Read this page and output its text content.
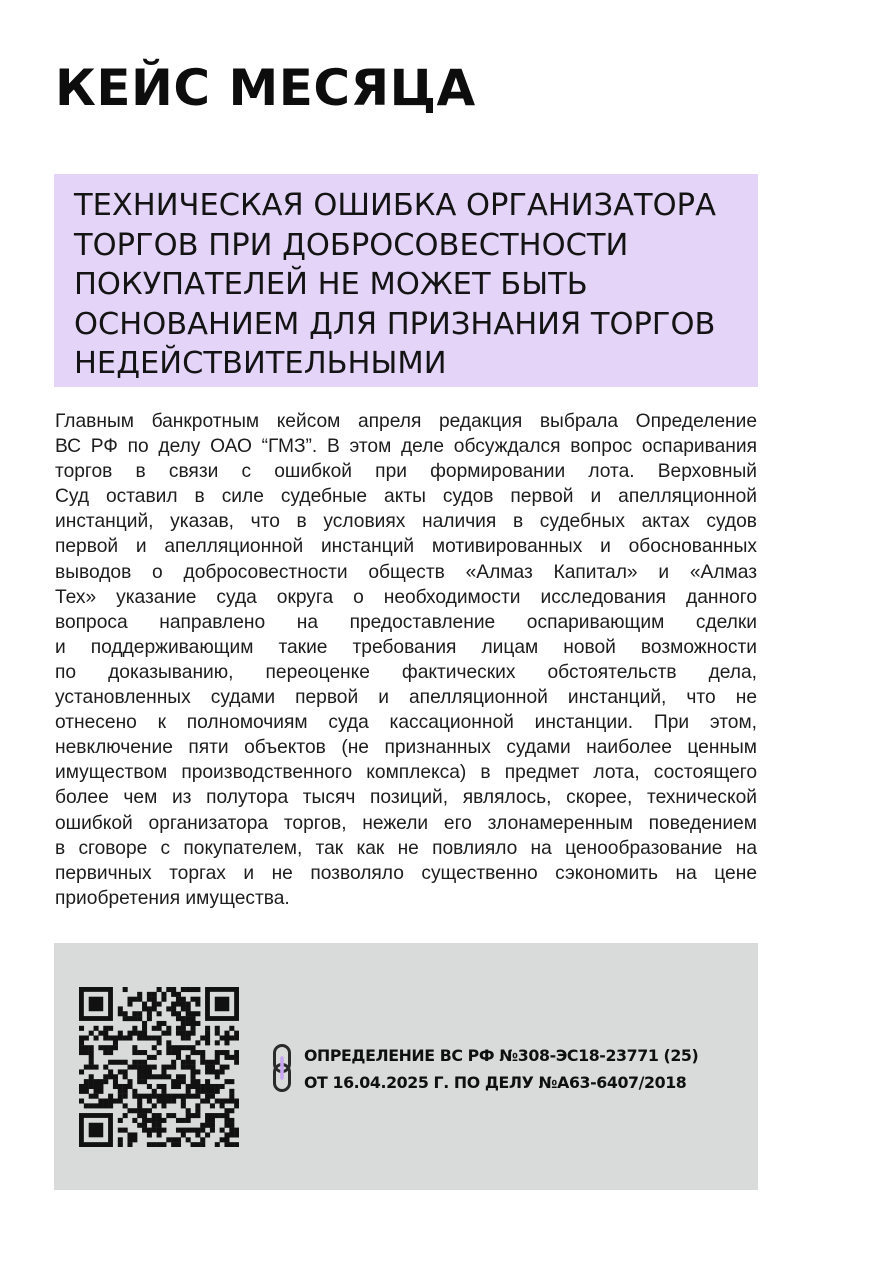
КЕЙС МЕСЯЦА
ТЕХНИЧЕСКАЯ ОШИБКА ОРГАНИЗАТОРА
ТОРГОВ ПРИ ДОБРОСОВЕСТНОСТИ
ПОКУПАТЕЛЕЙ НЕ МОЖЕТ БЫТЬ
ОСНОВАНИЕМ ДЛЯ ПРИЗНАНИЯ ТОРГОВ
НЕДЕЙСТВИТЕЛЬНЫМИ
Главным банкротным кейсом апреля редакция выбрала Определение
ВС РФ по делу ОАО “ГМЗ”. В этом деле обсуждался вопрос оспаривания
торгов в связи с ошибкой при формировании лота. Верховный
Суд оставил в силе судебные акты судов первой и апелляционной
инстанций, указав, что в условиях наличия в судебных актах судов
первой и апелляционной инстанций мотивированных и обоснованных
выводов о добросовестности обществ «Алмаз Капитал» и «Алмаз
Тех» указание суда округа о необходимости исследования данного
вопроса направлено на предоставление оспаривающим сделки
и поддерживающим такие требования лицам новой возможности
по доказыванию, переоценке фактических обстоятельств дела,
установленных судами первой и апелляционной инстанций, что не
отнесено к полномочиям суда кассационной инстанции. При этом,
невключение пяти объектов (не признанных судами наиболее ценным
имуществом производственного комплекса) в предмет лота, состоящего
более чем из полутора тысяч позиций, являлось, скорее, технической
ошибкой организатора торгов, нежели его злонамеренным поведением
в сговоре с покупателем, так как не повлияло на ценообразование на
первичных торгах и не позволяло существенно сэкономить на цене
приобретения имущества.
ОПРЕДЕЛЕНИЕ ВС РФ №308-ЭС18-23771 (25)
ОТ 16.04.2025 Г. ПО ДЕЛУ №А63-6407/2018
